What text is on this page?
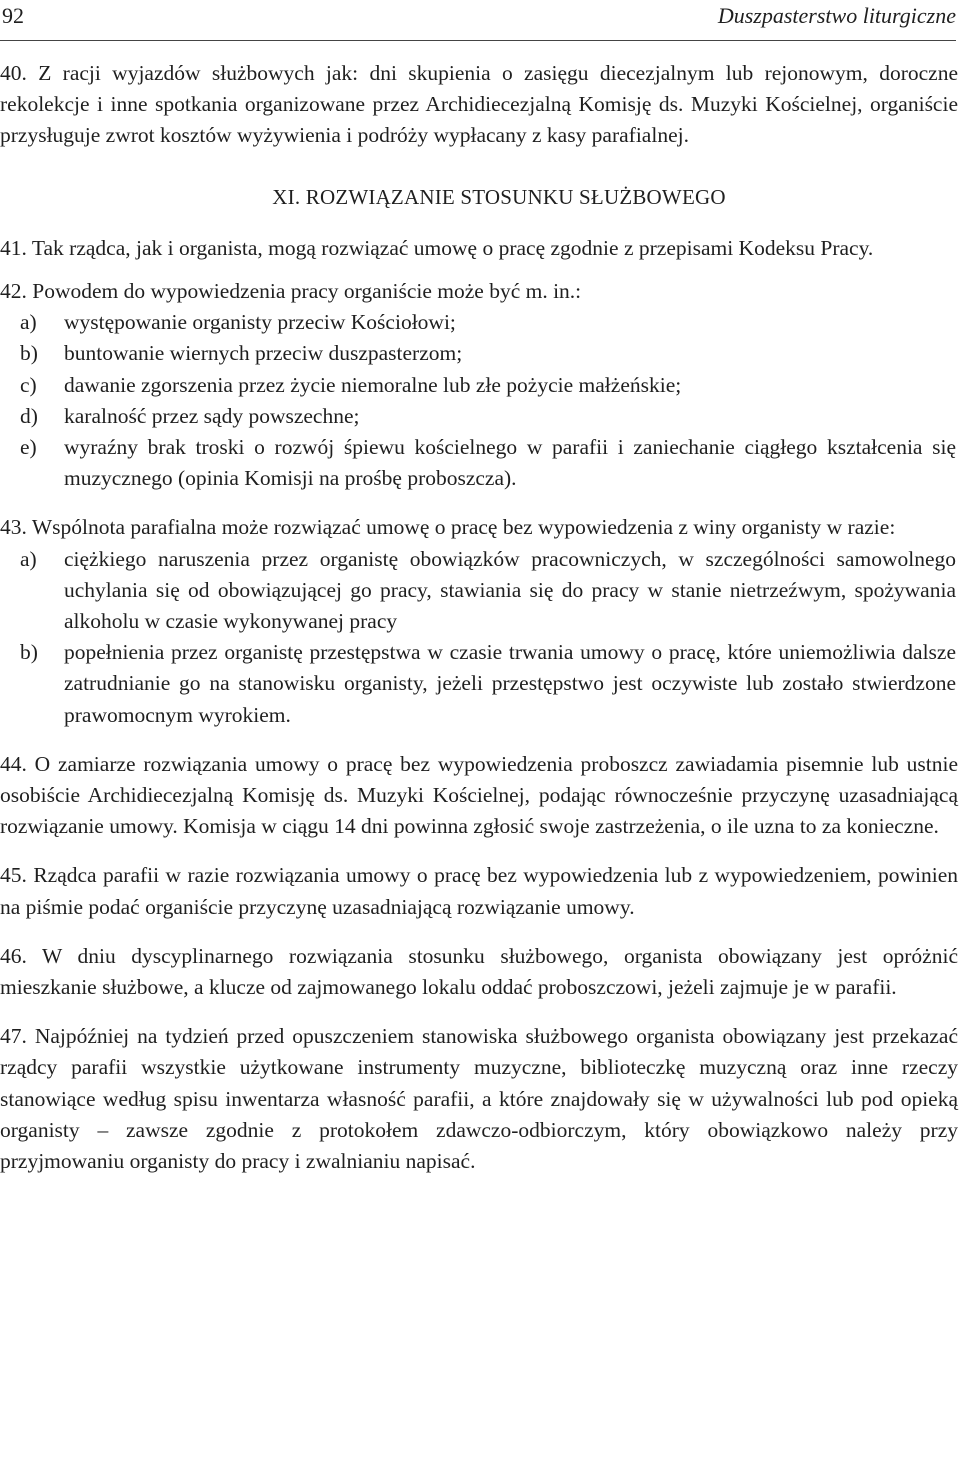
92	Duszpasterstwo liturgiczne

40. Z racji wyjazdów służbowych jak: dni skupienia o zasięgu diecezjalnym lub rejonowym, doroczne rekolekcje i inne spotkania organizowane przez Archidiecezjalną Komisję ds. Muzyki Kościelnej, organiście przysługuje zwrot kosztów wyżywienia i podróży wypłacany z kasy parafialnej.

XI. ROZWIĄZANIE STOSUNKU SŁUŻBOWEGO

41. Tak rządca, jak i organista, mogą rozwiązać umowę o pracę zgodnie z przepisami Kodeksu Pracy.

42. Powodem do wypowiedzenia pracy organiście może być m. in.:

a) występowanie organisty przeciw Kościołowi;
b) buntowanie wiernych przeciw duszpasterzom;
c) dawanie zgorszenia przez życie niemoralne lub złe pożycie małżeńskie;
d) karalność przez sądy powszechne;
e) wyraźny brak troski o rozwój śpiewu kościelnego w parafii i zaniechanie ciągłego kształcenia się muzycznego (opinia Komisji na prośbę proboszcza).

43. Wspólnota parafialna może rozwiązać umowę o pracę bez wypowiedzenia z winy organisty w razie:

a) ciężkiego naruszenia przez organistę obowiązków pracowniczych, w szczególności samowolnego uchylania się od obowiązującej go pracy, stawiania się do pracy w stanie nietrzeźwym, spożywania alkoholu w czasie wykonywanej pracy
b) popełnienia przez organistę przestępstwa w czasie trwania umowy o pracę, które uniemożliwia dalsze zatrudnianie go na stanowisku organisty, jeżeli przestępstwo jest oczywiste lub zostało stwierdzone prawomocnym wyrokiem.

44. O zamiarze rozwiązania umowy o pracę bez wypowiedzenia proboszcz zawiadamia pisemnie lub ustnie osobiście Archidiecezjalną Komisję ds. Muzyki Kościelnej, podając równocześnie przyczynę uzasadniającą rozwiązanie umowy. Komisja w ciągu 14 dni powinna zgłosić swoje zastrzeżenia, o ile uzna to za konieczne.

45. Rządca parafii w razie rozwiązania umowy o pracę bez wypowiedzenia lub z wypowiedzeniem, powinien na piśmie podać organiście przyczynę uzasadniającą rozwiązanie umowy.

46. W dniu dyscyplinarnego rozwiązania stosunku służbowego, organista obowiązany jest opróżnić mieszkanie służbowe, a klucze od zajmowanego lokalu oddać proboszczowi, jeżeli zajmuje je w parafii.

47. Najpóźniej na tydzień przed opuszczeniem stanowiska służbowego organista obowiązany jest przekazać rządcy parafii wszystkie użytkowane instrumenty muzyczne, biblioteczkę muzyczną oraz inne rzeczy stanowiące według spisu inwentarza własność parafii, a które znajdowały się w używalności lub pod opieką organisty – zawsze zgodnie z protokołem zdawczo-odbiorczym, który obowiązkowo należy przy przyjmowaniu organisty do pracy i zwalnianiu napisać.
